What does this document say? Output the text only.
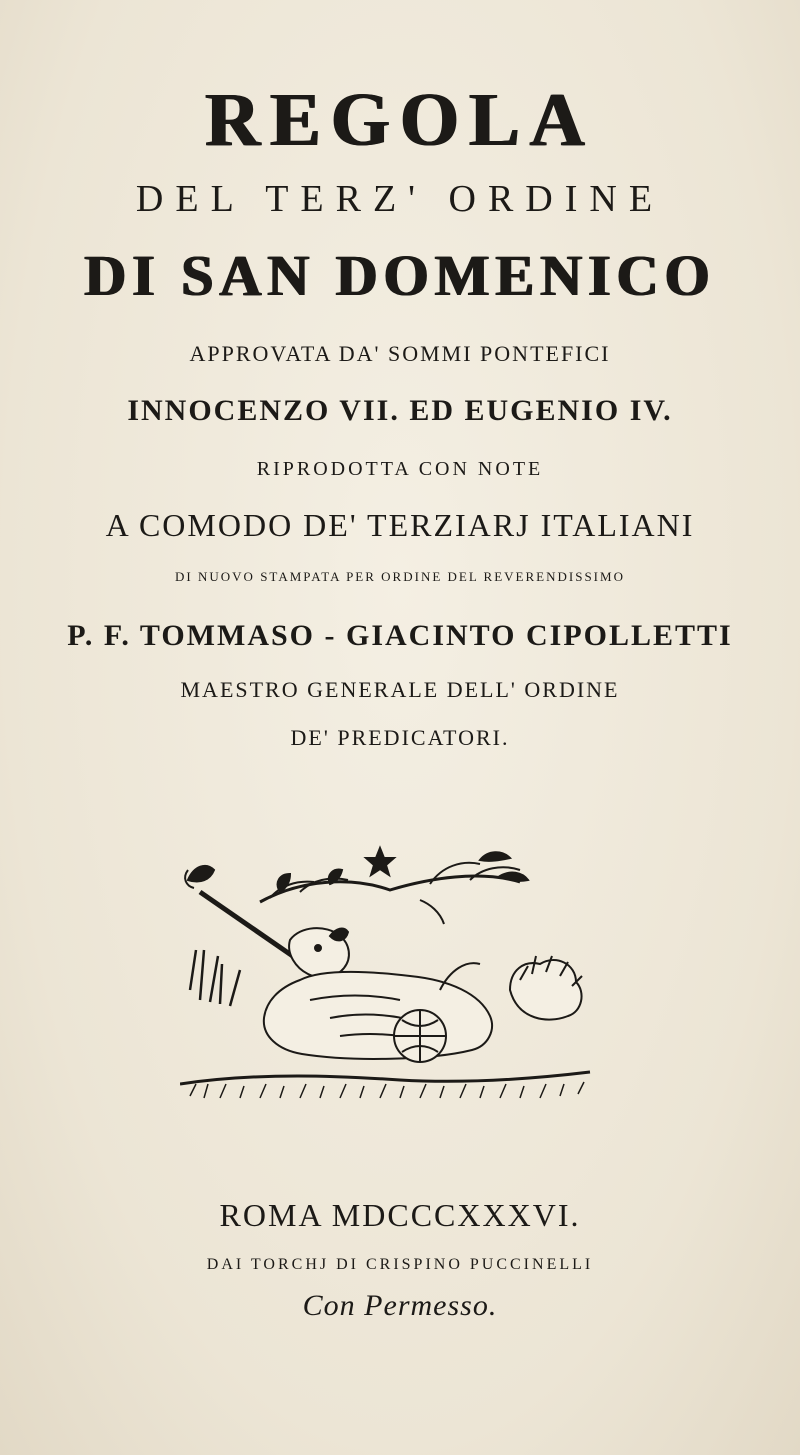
REGOLA

DEL TERZ' ORDINE

DI SAN DOMENICO

APPROVATA DA' SOMMI PONTEFICI

INNOCENZO VII. ED EUGENIO IV.

RIPRODOTTA CON NOTE

A COMODO DE' TERZIARJ ITALIANI

DI NUOVO STAMPATA PER ORDINE DEL REVERENDISSIMO

P. F. TOMMASO - GIACINTO CIPOLLETTI

MAESTRO GENERALE DELL' ORDINE

DE' PREDICATORI.

ROMA MDCCCXXXVI.

DAI TORCHJ DI CRISPINO PUCCINELLI

Con Permesso.
